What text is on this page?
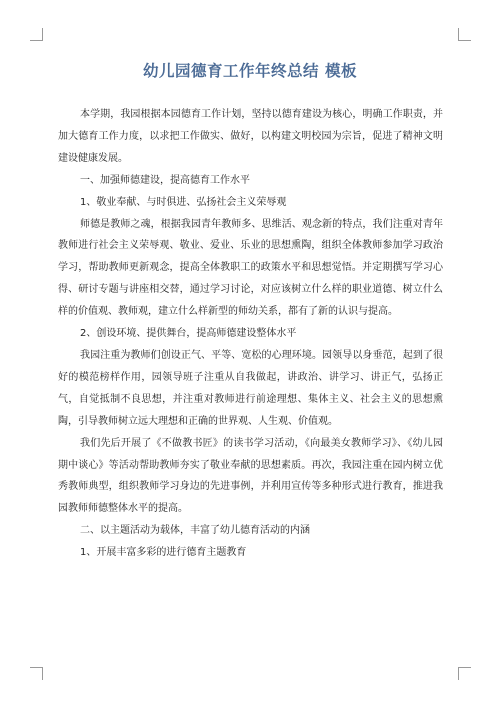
幼儿园德育工作年终总结 模板

本学期，我园根据本园德育工作计划，坚持以德育建设为核心，明确工作职责，并加大德育工作力度，以求把工作做实、做好，以构建文明校园为宗旨，促进了精神文明建设健康发展。

一、加强师德建设，提高德育工作水平

1、敬业奉献、与时俱进、弘扬社会主义荣辱观

师德是教师之魂，根据我园青年教师多、思维活、观念新的特点，我们注重对青年教师进行社会主义荣辱观、敬业、爱业、乐业的思想熏陶，组织全体教师参加学习政治学习，帮助教师更新观念，提高全体教职工的政策水平和思想觉悟。并定期撰写学习心得、研讨专题与讲座相交替，通过学习讨论，对应该树立什么样的职业道德、树立什么样的价值观、教师观，建立什么样新型的师幼关系，都有了新的认识与提高。

2、创设环境、提供舞台，提高师德建设整体水平

我园注重为教师们创设正气、平等、宽松的心理环境。园领导以身垂范，起到了很好的模范榜样作用，园领导班子注重从自我做起，讲政治、讲学习、讲正气，弘扬正气，自觉抵制不良思想，并注重对教师进行前途理想、集体主义、社会主义的思想熏陶，引导教师树立远大理想和正确的世界观、人生观、价值观。

我们先后开展了《不做教书匠》的读书学习活动，《向最美女教师学习》、《幼儿园期中谈心》等活动帮助教师夯实了敬业奉献的思想素质。再次，我园注重在园内树立优秀教师典型，组织教师学习身边的先进事例，并利用宣传等多种形式进行教育，推进我园教师师德整体水平的提高。

二、以主题活动为载体，丰富了幼儿德育活动的内涵

1、开展丰富多彩的进行德育主题教育
